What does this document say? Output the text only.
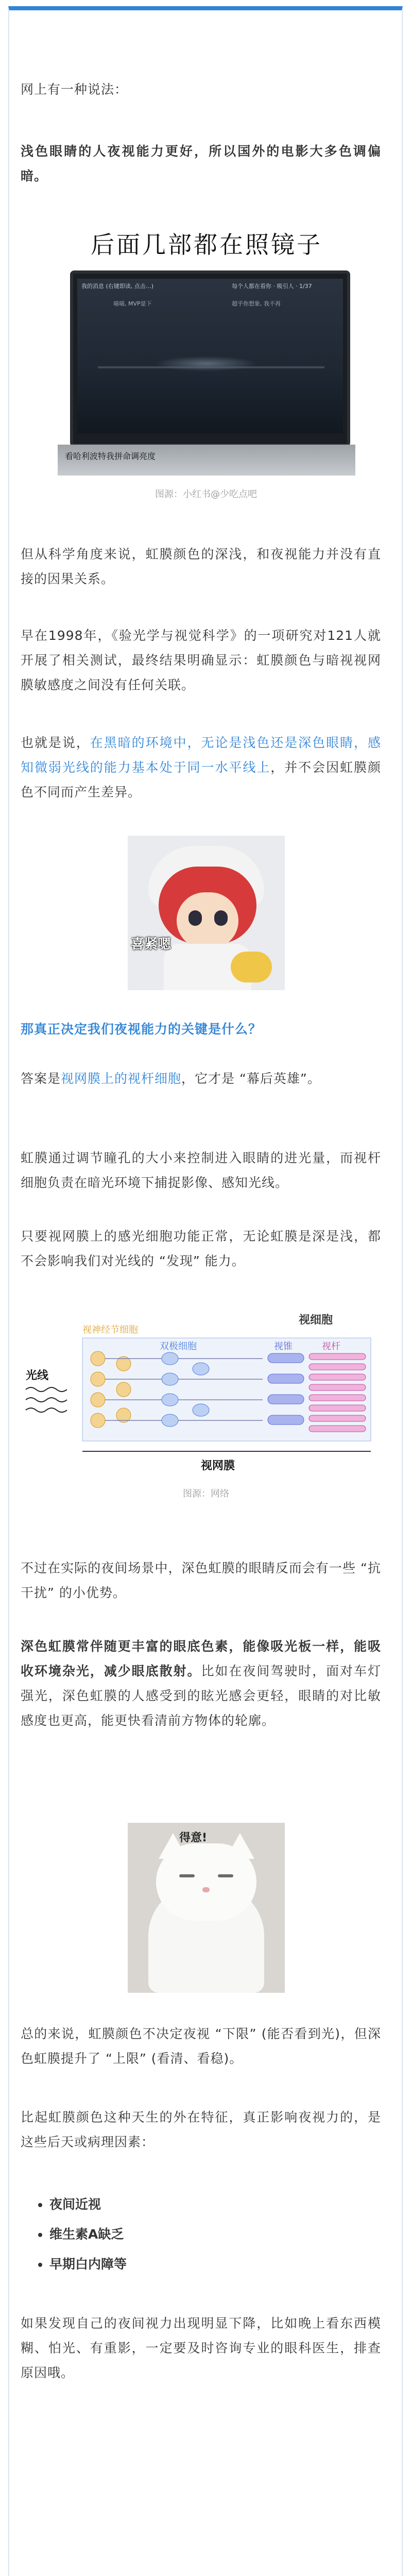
网上有一种说法：
浅色眼睛的人夜视能力更好，所以国外的电影大多色调偏暗。
后面几部都在照镜子
我的消息 (右键即读, 点击…)	每个人都在看你 · 吸引人 · 1/37
喵喵, MVP是下	超乎你想象, 我不再
看哈利波特我拼命调亮度
图源：小红书@少吃点吧
但从科学角度来说，虹膜颜色的深浅，和夜视能力并没有直接的因果关系。
早在1998年，《验光学与视觉科学》的一项研究对121人就开展了相关测试，最终结果明确显示：虹膜颜色与暗视视网膜敏感度之间没有任何关联。
也就是说，在黑暗的环境中，无论是浅色还是深色眼睛，感知微弱光线的能力基本处于同一水平线上，并不会因虹膜颜色不同而产生差异。
喜紧嗯
那真正决定我们夜视能力的关键是什么？
答案是视网膜上的视杆细胞，它才是 “幕后英雄”。
虹膜通过调节瞳孔的大小来控制进入眼睛的进光量，而视杆细胞负责在暗光环境下捕捉影像、感知光线。
只要视网膜上的感光细胞功能正常，无论虹膜是深是浅，都不会影响我们对光线的 “发现” 能力。
视细胞
视锥	视杆
视神经节细胞
双极细胞
光线
视网膜
图源：网络
不过在实际的夜间场景中，深色虹膜的眼睛反而会有一些 “抗干扰” 的小优势。
深色虹膜常伴随更丰富的眼底色素，能像吸光板一样，能吸收环境杂光，减少眼底散射。比如在夜间驾驶时，面对车灯强光，深色虹膜的人感受到的眩光感会更轻，眼睛的对比敏感度也更高，能更快看清前方物体的轮廓。
得意!
总的来说，虹膜颜色不决定夜视 “下限” (能否看到光)，但深色虹膜提升了 “上限” (看清、看稳)。
比起虹膜颜色这种天生的外在特征，真正影响夜视力的，是这些后天或病理因素：
• 夜间近视
• 维生素A缺乏
• 早期白内障等
如果发现自己的夜间视力出现明显下降，比如晚上看东西模糊、怕光、有重影，一定要及时咨询专业的眼科医生，排查原因哦。
